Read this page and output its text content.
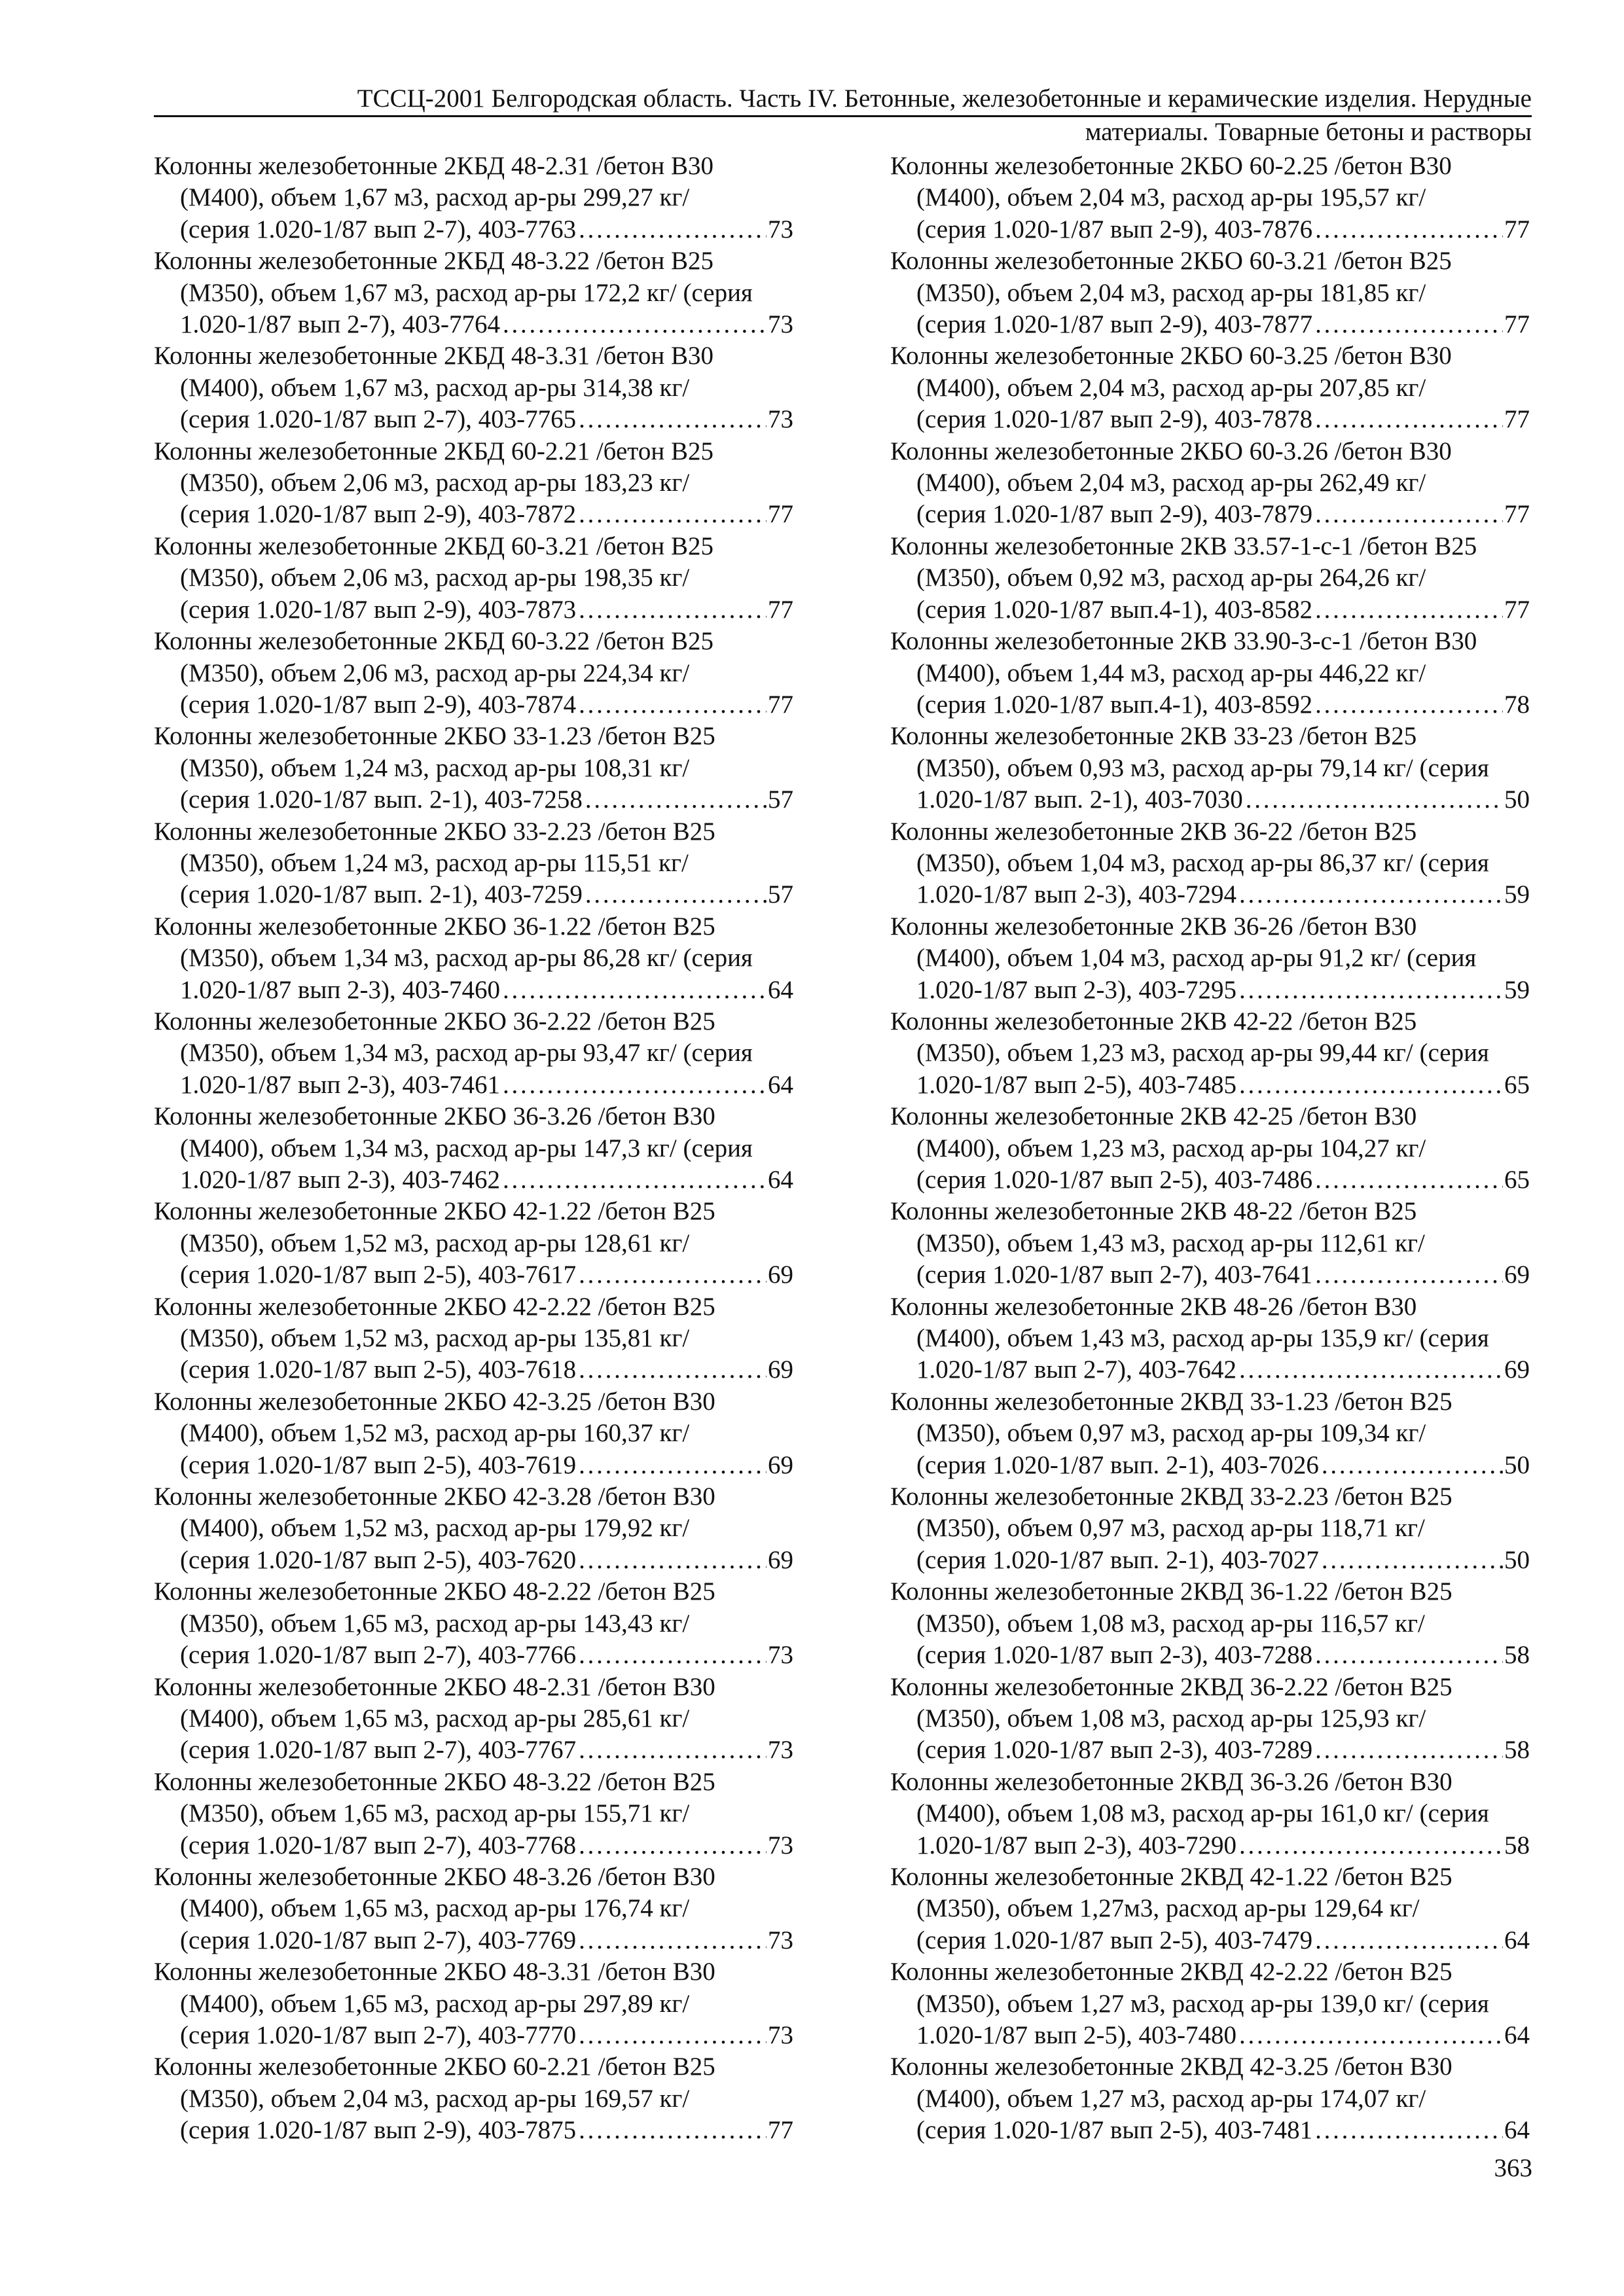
ТССЦ-2001 Белгородская область. Часть IV. Бетонные, железобетонные и керамические изделия. Нерудные
материалы. Товарные бетоны и растворы
Колонны железобетонные 2КБД 48-2.31 /бетон В30
(М400), объем 1,67 м3, расход ар-ры 299,27 кг/
(серия 1.020-1/87 вып 2-7), 403-7763 . . .	73
Колонны железобетонные 2КБД 48-3.22 /бетон В25
(М350), объем 1,67 м3, расход ар-ры 172,2 кг/ (серия
1.020-1/87 вып 2-7), 403-7764 . . .	73
Колонны железобетонные 2КБД 48-3.31 /бетон В30
(М400), объем 1,67 м3, расход ар-ры 314,38 кг/
(серия 1.020-1/87 вып 2-7), 403-7765 . . .	73
Колонны железобетонные 2КБД 60-2.21 /бетон В25
(М350), объем 2,06 м3, расход ар-ры 183,23 кг/
(серия 1.020-1/87 вып 2-9), 403-7872 . . .	77
Колонны железобетонные 2КБД 60-3.21 /бетон В25
(М350), объем 2,06 м3, расход ар-ры 198,35 кг/
(серия 1.020-1/87 вып 2-9), 403-7873 . . .	77
Колонны железобетонные 2КБД 60-3.22 /бетон В25
(М350), объем 2,06 м3, расход ар-ры 224,34 кг/
(серия 1.020-1/87 вып 2-9), 403-7874 . . .	77
Колонны железобетонные 2КБО 33-1.23 /бетон В25
(М350), объем 1,24 м3, расход ар-ры 108,31 кг/
(серия 1.020-1/87 вып. 2-1), 403-7258 . . .	57
Колонны железобетонные 2КБО 33-2.23 /бетон В25
(М350), объем 1,24 м3, расход ар-ры 115,51 кг/
(серия 1.020-1/87 вып. 2-1), 403-7259 . . .	57
Колонны железобетонные 2КБО 36-1.22 /бетон В25
(М350), объем 1,34 м3, расход ар-ры 86,28 кг/ (серия
1.020-1/87 вып 2-3), 403-7460 . . .	64
Колонны железобетонные 2КБО 36-2.22 /бетон В25
(М350), объем 1,34 м3, расход ар-ры 93,47 кг/ (серия
1.020-1/87 вып 2-3), 403-7461 . . .	64
Колонны железобетонные 2КБО 36-3.26 /бетон В30
(М400), объем 1,34 м3, расход ар-ры 147,3 кг/ (серия
1.020-1/87 вып 2-3), 403-7462 . . .	64
Колонны железобетонные 2КБО 42-1.22 /бетон В25
(М350), объем 1,52 м3, расход ар-ры 128,61 кг/
(серия 1.020-1/87 вып 2-5), 403-7617 . . .	69
Колонны железобетонные 2КБО 42-2.22 /бетон В25
(М350), объем 1,52 м3, расход ар-ры 135,81 кг/
(серия 1.020-1/87 вып 2-5), 403-7618 . . .	69
Колонны железобетонные 2КБО 42-3.25 /бетон В30
(М400), объем 1,52 м3, расход ар-ры 160,37 кг/
(серия 1.020-1/87 вып 2-5), 403-7619 . . .	69
Колонны железобетонные 2КБО 42-3.28 /бетон В30
(М400), объем 1,52 м3, расход ар-ры 179,92 кг/
(серия 1.020-1/87 вып 2-5), 403-7620 . . .	69
Колонны железобетонные 2КБО 48-2.22 /бетон В25
(М350), объем 1,65 м3, расход ар-ры 143,43 кг/
(серия 1.020-1/87 вып 2-7), 403-7766 . . .	73
Колонны железобетонные 2КБО 48-2.31 /бетон В30
(М400), объем 1,65 м3, расход ар-ры 285,61 кг/
(серия 1.020-1/87 вып 2-7), 403-7767 . . .	73
Колонны железобетонные 2КБО 48-3.22 /бетон В25
(М350), объем 1,65 м3, расход ар-ры 155,71 кг/
(серия 1.020-1/87 вып 2-7), 403-7768 . . .	73
Колонны железобетонные 2КБО 48-3.26 /бетон В30
(М400), объем 1,65 м3, расход ар-ры 176,74 кг/
(серия 1.020-1/87 вып 2-7), 403-7769 . . .	73
Колонны железобетонные 2КБО 48-3.31 /бетон В30
(М400), объем 1,65 м3, расход ар-ры 297,89 кг/
(серия 1.020-1/87 вып 2-7), 403-7770 . . .	73
Колонны железобетонные 2КБО 60-2.21 /бетон В25
(М350), объем 2,04 м3, расход ар-ры 169,57 кг/
(серия 1.020-1/87 вып 2-9), 403-7875 . . .	77
Колонны железобетонные 2КБО 60-2.25 /бетон В30
(М400), объем 2,04 м3, расход ар-ры 195,57 кг/
(серия 1.020-1/87 вып 2-9), 403-7876 . . .	77
Колонны железобетонные 2КБО 60-3.21 /бетон В25
(М350), объем 2,04 м3, расход ар-ры 181,85 кг/
(серия 1.020-1/87 вып 2-9), 403-7877 . . .	77
Колонны железобетонные 2КБО 60-3.25 /бетон В30
(М400), объем 2,04 м3, расход ар-ры 207,85 кг/
(серия 1.020-1/87 вып 2-9), 403-7878 . . .	77
Колонны железобетонные 2КБО 60-3.26 /бетон В30
(М400), объем 2,04 м3, расход ар-ры 262,49 кг/
(серия 1.020-1/87 вып 2-9), 403-7879 . . .	77
Колонны железобетонные 2КВ 33.57-1-с-1 /бетон В25
(М350), объем 0,92 м3, расход ар-ры 264,26 кг/
(серия 1.020-1/87 вып.4-1), 403-8582 . . .	77
Колонны железобетонные 2КВ 33.90-3-с-1 /бетон В30
(М400), объем 1,44 м3, расход ар-ры 446,22 кг/
(серия 1.020-1/87 вып.4-1), 403-8592 . . .	78
Колонны железобетонные 2КВ 33-23 /бетон В25
(М350), объем 0,93 м3, расход ар-ры 79,14 кг/ (серия
1.020-1/87 вып. 2-1), 403-7030 . . .	50
Колонны железобетонные 2КВ 36-22 /бетон В25
(М350), объем 1,04 м3, расход ар-ры 86,37 кг/ (серия
1.020-1/87 вып 2-3), 403-7294 . . .	59
Колонны железобетонные 2КВ 36-26 /бетон В30
(М400), объем 1,04 м3, расход ар-ры 91,2 кг/ (серия
1.020-1/87 вып 2-3), 403-7295 . . .	59
Колонны железобетонные 2КВ 42-22 /бетон В25
(М350), объем 1,23 м3, расход ар-ры 99,44 кг/ (серия
1.020-1/87 вып 2-5), 403-7485 . . .	65
Колонны железобетонные 2КВ 42-25 /бетон В30
(М400), объем 1,23 м3, расход ар-ры 104,27 кг/
(серия 1.020-1/87 вып 2-5), 403-7486 . . .	65
Колонны железобетонные 2КВ 48-22 /бетон В25
(М350), объем 1,43 м3, расход ар-ры 112,61 кг/
(серия 1.020-1/87 вып 2-7), 403-7641 . . .	69
Колонны железобетонные 2КВ 48-26 /бетон В30
(М400), объем 1,43 м3, расход ар-ры 135,9 кг/ (серия
1.020-1/87 вып 2-7), 403-7642 . . .	69
Колонны железобетонные 2КВД 33-1.23 /бетон В25
(М350), объем 0,97 м3, расход ар-ры 109,34 кг/
(серия 1.020-1/87 вып. 2-1), 403-7026 . . .	50
Колонны железобетонные 2КВД 33-2.23 /бетон В25
(М350), объем 0,97 м3, расход ар-ры 118,71 кг/
(серия 1.020-1/87 вып. 2-1), 403-7027 . . .	50
Колонны железобетонные 2КВД 36-1.22 /бетон В25
(М350), объем 1,08 м3, расход ар-ры 116,57 кг/
(серия 1.020-1/87 вып 2-3), 403-7288 . . .	58
Колонны железобетонные 2КВД 36-2.22 /бетон В25
(М350), объем 1,08 м3, расход ар-ры 125,93 кг/
(серия 1.020-1/87 вып 2-3), 403-7289 . . .	58
Колонны железобетонные 2КВД 36-3.26 /бетон В30
(М400), объем 1,08 м3, расход ар-ры 161,0 кг/ (серия
1.020-1/87 вып 2-3), 403-7290 . . .	58
Колонны железобетонные 2КВД 42-1.22 /бетон В25
(М350), объем 1,27м3, расход ар-ры 129,64 кг/
(серия 1.020-1/87 вып 2-5), 403-7479 . . .	64
Колонны железобетонные 2КВД 42-2.22 /бетон В25
(М350), объем 1,27 м3, расход ар-ры 139,0 кг/ (серия
1.020-1/87 вып 2-5), 403-7480 . . .	64
Колонны железобетонные 2КВД 42-3.25 /бетон В30
(М400), объем 1,27 м3, расход ар-ры 174,07 кг/
(серия 1.020-1/87 вып 2-5), 403-7481 . . .	64
363
